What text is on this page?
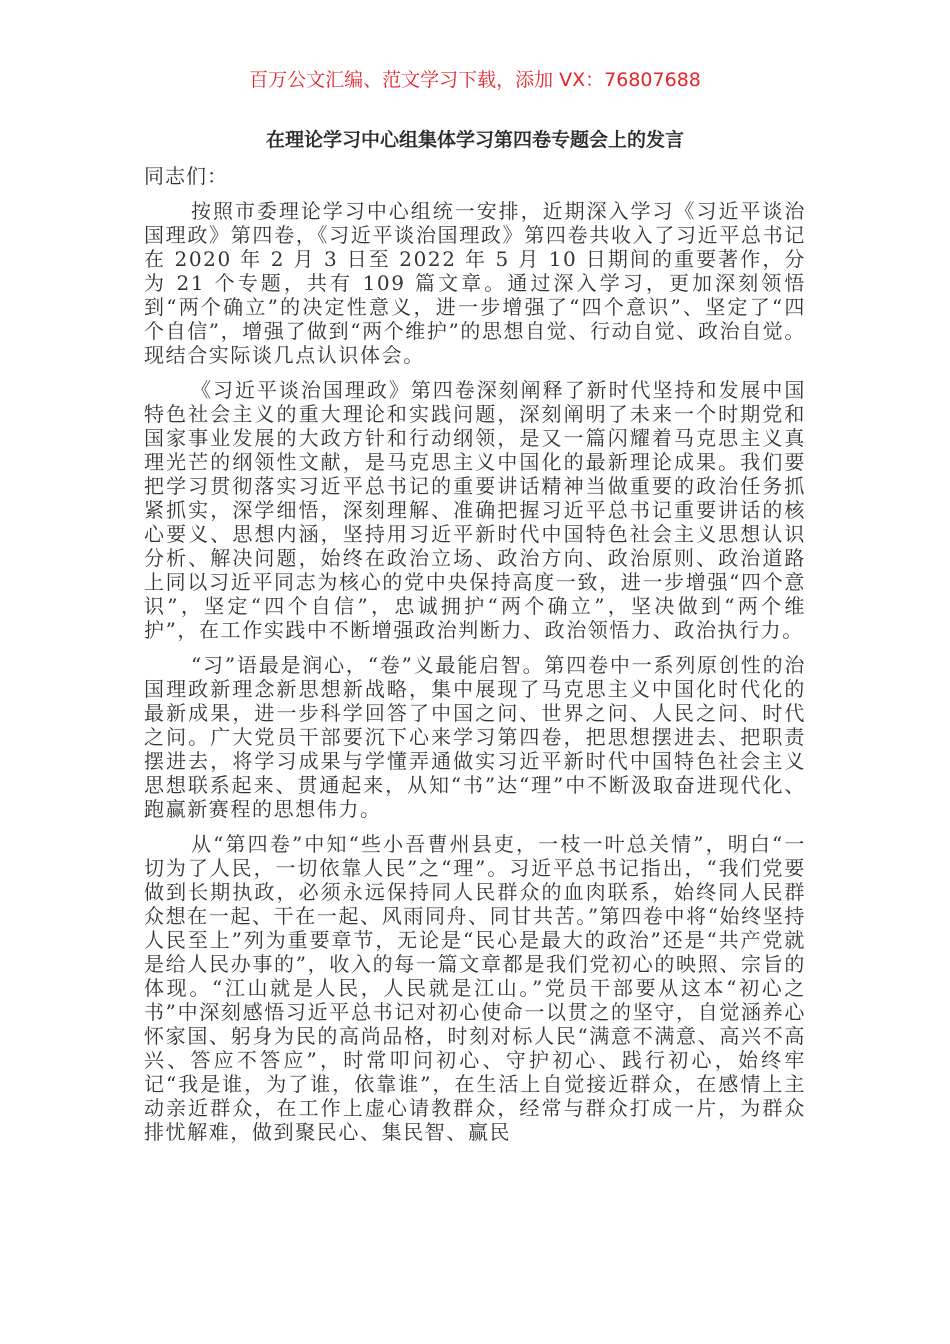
百万公文汇编、范文学习下载，添加 VX：76807688
在理论学习中心组集体学习第四卷专题会上的发言

同志们：

按照市委理论学习中心组统一安排，近期深入学习《习近平谈治国理政》第四卷，《习近平谈治国理政》第四卷共收入了习近平总书记在 2020 年 2 月 3 日至 2022 年 5 月 10 日期间的重要著作，分为 21 个专题，共有 109 篇文章。通过深入学习，更加深刻领悟到“两个确立”的决定性意义，进一步增强了“四个意识”、坚定了“四个自信”，增强了做到“两个维护”的思想自觉、行动自觉、政治自觉。现结合实际谈几点认识体会。

《习近平谈治国理政》第四卷深刻阐释了新时代坚持和发展中国特色社会主义的重大理论和实践问题，深刻阐明了未来一个时期党和国家事业发展的大政方针和行动纲领，是又一篇闪耀着马克思主义真理光芒的纲领性文献，是马克思主义中国化的最新理论成果。我们要把学习贯彻落实习近平总书记的重要讲话精神当做重要的政治任务抓紧抓实，深学细悟，深刻理解、准确把握习近平总书记重要讲话的核心要义、思想内涵，坚持用习近平新时代中国特色社会主义思想认识分析、解决问题，始终在政治立场、政治方向、政治原则、政治道路上同以习近平同志为核心的党中央保持高度一致，进一步增强“四个意识”，坚定“四个自信”，忠诚拥护“两个确立”，坚决做到“两个维护”，在工作实践中不断增强政治判断力、政治领悟力、政治执行力。

“习”语最是润心，“卷”义最能启智。第四卷中一系列原创性的治国理政新理念新思想新战略，集中展现了马克思主义中国化时代化的最新成果，进一步科学回答了中国之问、世界之问、人民之问、时代之问。广大党员干部要沉下心来学习第四卷，把思想摆进去、把职责摆进去，将学习成果与学懂弄通做实习近平新时代中国特色社会主义思想联系起来、贯通起来，从知“书”达“理”中不断汲取奋进现代化、跑赢新赛程的思想伟力。

从“第四卷”中知“些小吾曹州县吏，一枝一叶总关情”，明白“一切为了人民，一切依靠人民”之“理”。习近平总书记指出，“我们党要做到长期执政，必须永远保持同人民群众的血肉联系，始终同人民群众想在一起、干在一起、风雨同舟、同甘共苦。”第四卷中将“始终坚持人民至上”列为重要章节，无论是“民心是最大的政治”还是“共产党就是给人民办事的”，收入的每一篇文章都是我们党初心的映照、宗旨的体现。“江山就是人民，人民就是江山。”党员干部要从这本“初心之书”中深刻感悟习近平总书记对初心使命一以贯之的坚守，自觉涵养心怀家国、躬身为民的高尚品格，时刻对标人民“满意不满意、高兴不高兴、答应不答应”，时常叩问初心、守护初心、践行初心，始终牢记“我是谁，为了谁，依靠谁”，在生活上自觉接近群众，在感情上主动亲近群众，在工作上虚心请教群众，经常与群众打成一片，为群众排忧解难，做到聚民心、集民智、赢民
